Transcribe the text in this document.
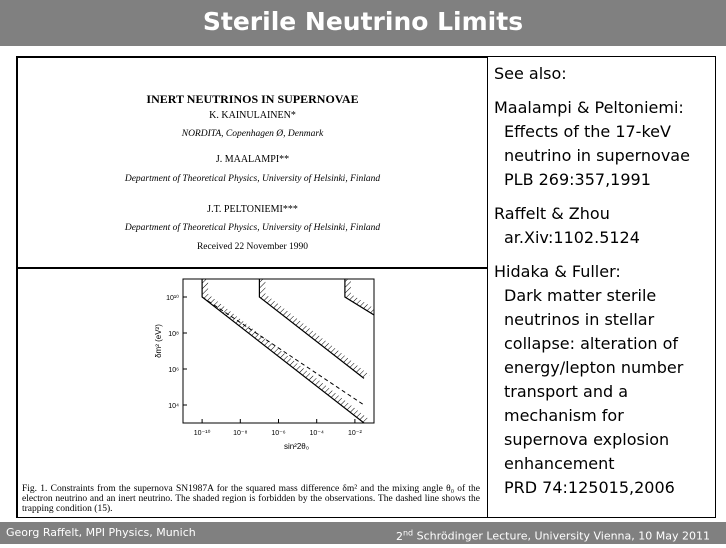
Sterile Neutrino Limits
INERT NEUTRINOS IN SUPERNOVAE
K. KAINULAINEN*
NORDITA, Copenhagen Ø, Denmark
J. MAALAMPI**
Department of Theoretical Physics, University of Helsinki, Finland
J.T. PELTONIEMI***
Department of Theoretical Physics, University of Helsinki, Finland
Received 22 November 1990
10⁻¹⁰	10⁻⁸	10⁻⁶	10⁻⁴	10⁻²
10¹⁰
10⁸
10⁶
10⁴
sin²2θ₀
δm² (eV²)
Fig. 1. Constraints from the supernova SN1987A for the squared mass difference δm² and the mixing angle θ₀ of the electron neutrino and an inert neutrino. The shaded region is forbidden by the observations. The dashed line shows the trapping condition (15).
See also:
Maalampi & Peltoniemi:
Effects of the 17-keV
neutrino in supernovae
PLB 269:357,1991
Raffelt & Zhou
ar.Xiv:1102.5124
Hidaka & Fuller:
Dark matter sterile
neutrinos in stellar
collapse: alteration of
energy/lepton number
transport and a
mechanism for
supernova explosion
enhancement
PRD 74:125015,2006
Georg Raffelt, MPI Physics, Munich	2nd Schrödinger Lecture, University Vienna, 10 May 2011
